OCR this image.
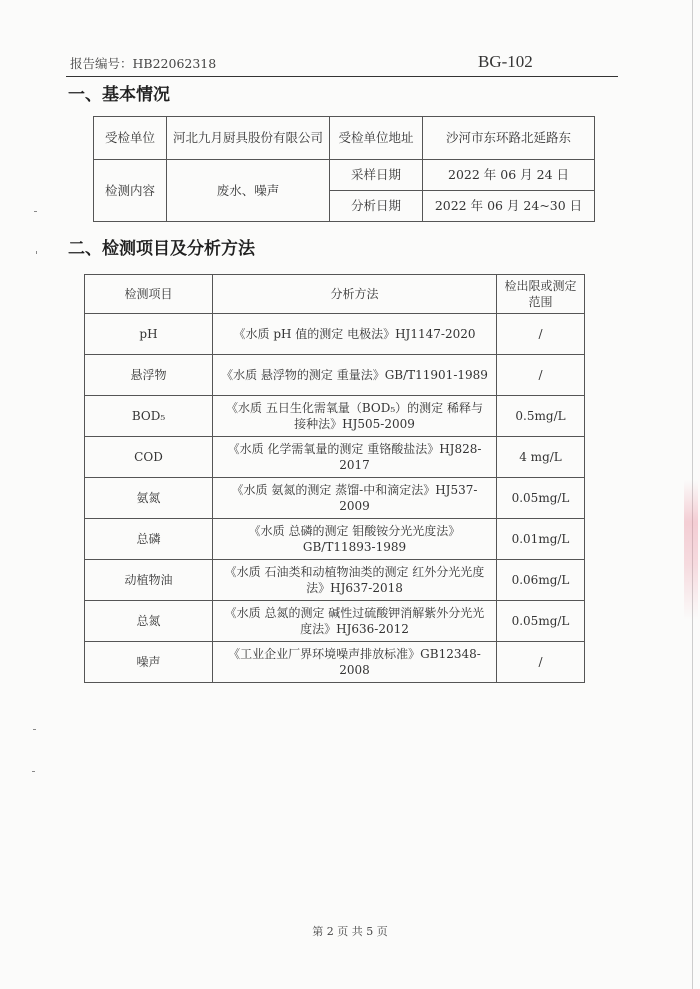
报告编号：HB22062318	BG-102
一、基本情况
受检单位	河北九月厨具股份有限公司	受检单位地址	沙河市东环路北延路东
检测内容	废水、噪声	采样日期	2022 年 06 月 24 日
		分析日期	2022 年 06 月 24~30 日
二、检测项目及分析方法
检测项目	分析方法	检出限或测定范围
pH	《水质 pH 值的测定 电极法》HJ1147-2020	/
悬浮物	《水质 悬浮物的测定 重量法》GB/T11901-1989	/
BOD₅	《水质 五日生化需氧量（BOD₅）的测定 稀释与接种法》HJ505-2009	0.5mg/L
COD	《水质 化学需氧量的测定 重铬酸盐法》HJ828-2017	4 mg/L
氨氮	《水质 氨氮的测定 蒸馏-中和滴定法》HJ537-2009	0.05mg/L
总磷	《水质 总磷的测定 钼酸铵分光光度法》GB/T11893-1989	0.01mg/L
动植物油	《水质 石油类和动植物油类的测定 红外分光光度法》HJ637-2018	0.06mg/L
总氮	《水质 总氮的测定 碱性过硫酸钾消解紫外分光光度法》HJ636-2012	0.05mg/L
噪声	《工业企业厂界环境噪声排放标准》GB12348-2008	/
第 2 页 共 5 页
